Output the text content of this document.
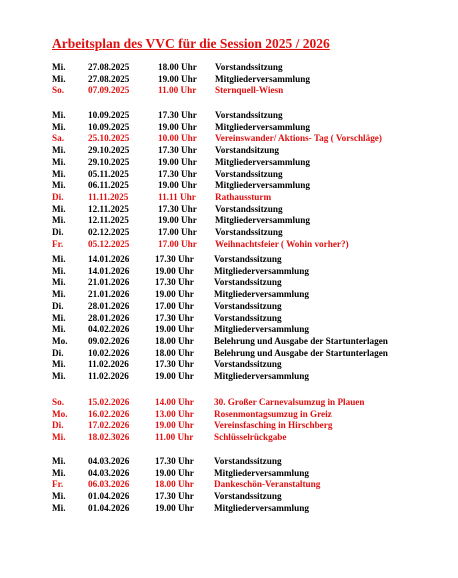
Arbeitsplan des VVC für die Session 2025 / 2026
Mi. 27.08.2025	18.00 Uhr Vorstandssitzung
Mi. 27.08.2025	19.00 Uhr Mitgliederversammlung
So.	07.09.2025	11.00 Uhr Sternquell-Wiesn
Mi. 10.09.2025	17.30 Uhr Vorstandssitzung
Mi. 10.09.2025	19.00 Uhr Mitgliederversammlung
Sa.	25.10.2025	10.00 Uhr Vereinswander/ Aktions- Tag ( Vorschläge)
Mi. 29.10.2025	17.30 Uhr Vorstandsitzung
Mi. 29.10.2025	19.00 Uhr Mitgliederversammlung
Mi. 05.11.2025	17.30 Uhr Vorstandssitzung
Mi. 06.11.2025	19.00 Uhr Mitgliederversammlung
Di.	11.11.2025	11.11 Uhr Rathaussturm
Mi. 12.11.2025	17.30 Uhr Vorstandssitzung
Mi. 12.11.2025	19.00 Uhr Mitgliederversammlung
Di.	02.12.2025	17.00 Uhr Vorstandssitzung
Fr.	05.12.2025	17.00 Uhr Weihnachtsfeier ( Wohin vorher?)
Mi. 14.01.2026	17.30 Uhr Vorstandssitzung
Mi. 14.01.2026	19.00 Uhr Mitgliederversammlung
Mi. 21.01.2026	17.30 Uhr Vorstandssitzung
Mi. 21.01.2026	19.00 Uhr Mitgliederversammlung
Di.	28.01.2026	17.00 Uhr Vorstandssitzung
Mi. 28.01.2026	17.30 Uhr Vorstandssitzung
Mi. 04.02.2026	19.00 Uhr Mitgliederversammlung
Mo. 09.02.2026	18.00 Uhr Belehrung und Ausgabe der Startunterlagen
Di.	10.02.2026	18.00 Uhr Belehrung und Ausgabe der Startunterlagen
Mi. 11.02.2026	17.30 Uhr Vorstandssitzung
Mi. 11.02.2026	19.00 Uhr Mitgliederversammlung
So.	15.02.2026	14.00 Uhr 30. Großer Carnevalsumzug in Plauen
Mo. 16.02.2026	13.00 Uhr Rosenmontagsumzug in Greiz
Di.	17.02.2026	19.00 Uhr Vereinsfasching in Hirschberg
Mi. 18.02.3026	11.00 Uhr Schlüsselrückgabe
Mi. 04.03.2026	17.30 Uhr Vorstandssitzung
Mi. 04.03.2026	19.00 Uhr Mitgliederversammlung
Fr.	06.03.2026	18.00 Uhr Dankeschön-Veranstaltung
Mi. 01.04.2026	17.30 Uhr Vorstandssitzung
Mi. 01.04.2026	19.00 Uhr Mitgliederversammlung
